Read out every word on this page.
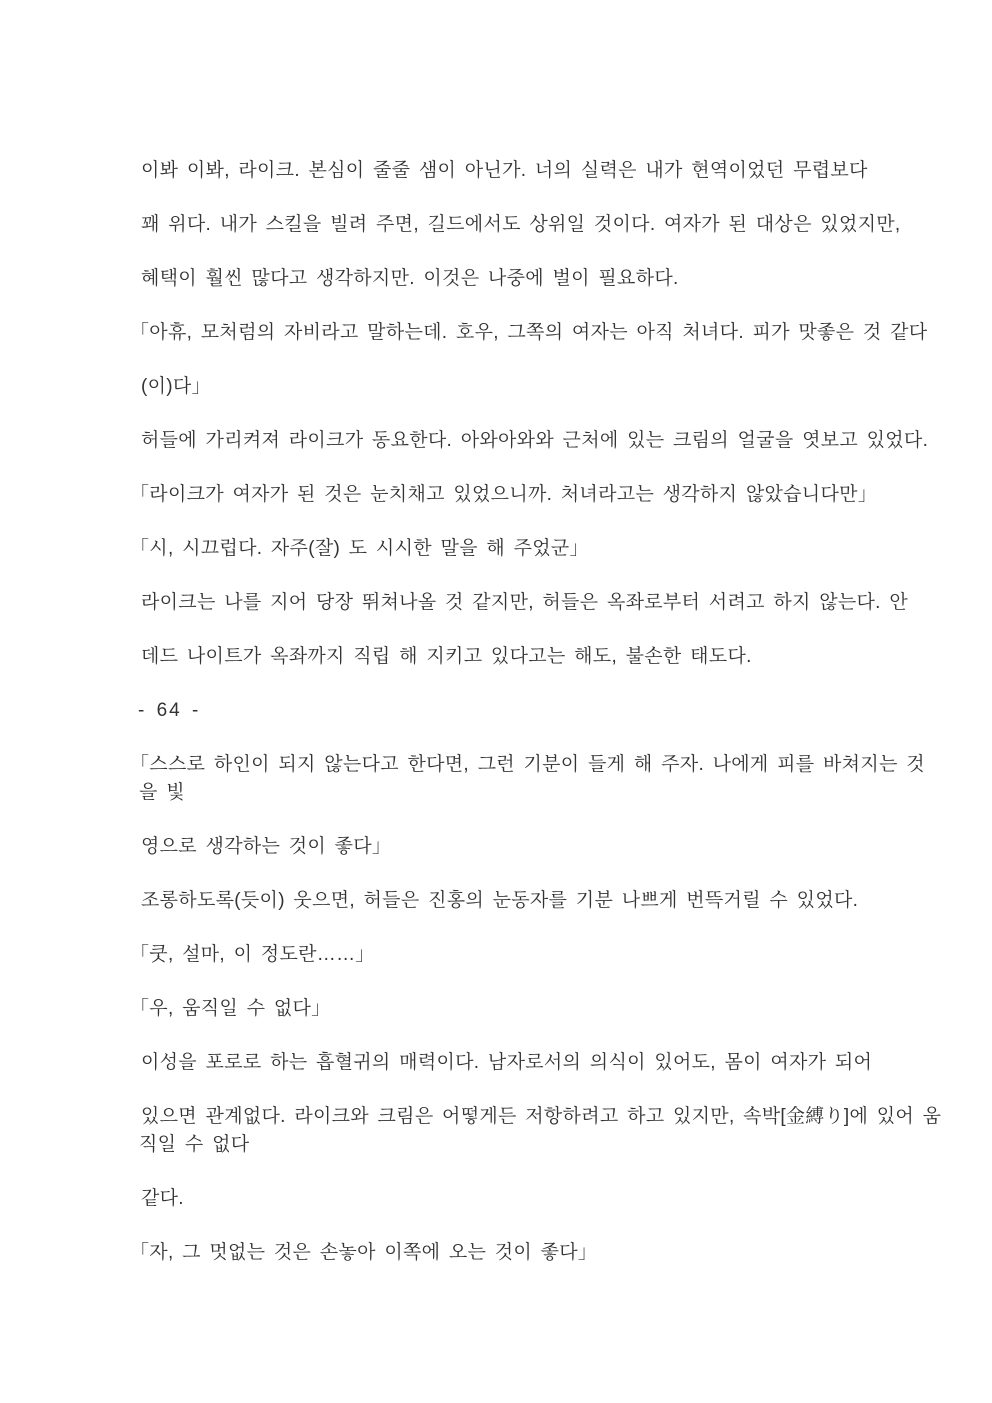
이봐 이봐, 라이크. 본심이 줄줄 샘이 아닌가. 너의 실력은 내가 현역이었던 무렵보다
꽤 위다. 내가 스킬을 빌려 주면, 길드에서도 상위일 것이다. 여자가 된 대상은 있었지만,
혜택이 훨씬 많다고 생각하지만. 이것은 나중에 벌이 필요하다.
「아휴, 모처럼의 자비라고 말하는데. 호우, 그쪽의 여자는 아직 처녀다. 피가 맛좋은 것 같다
(이)다」
허들에 가리켜져 라이크가 동요한다. 아와아와와 근처에 있는 크림의 얼굴을 엿보고 있었다.
「라이크가 여자가 된 것은 눈치채고 있었으니까. 처녀라고는 생각하지 않았습니다만」
「시, 시끄럽다. 자주(잘) 도 시시한 말을 해 주었군」
라이크는 나를 지어 당장 뛰쳐나올 것 같지만, 허들은 옥좌로부터 서려고 하지 않는다. 안
데드 나이트가 옥좌까지 직립 해 지키고 있다고는 해도, 불손한 태도다.
- 64 -
「스스로 하인이 되지 않는다고 한다면, 그런 기분이 들게 해 주자. 나에게 피를 바쳐지는 것
을 빛
영으로 생각하는 것이 좋다」
조롱하도록(듯이) 웃으면, 허들은 진홍의 눈동자를 기분 나쁘게 번뜩거릴 수 있었다.
「쿳, 설마, 이 정도란……」
「우, 움직일 수 없다」
이성을 포로로 하는 흡혈귀의 매력이다. 남자로서의 의식이 있어도, 몸이 여자가 되어
있으면 관계없다. 라이크와 크림은 어떻게든 저항하려고 하고 있지만, 속박[金縛り]에 있어 움
직일 수 없다
같다.
「자, 그 멋없는 것은 손놓아 이쪽에 오는 것이 좋다」
